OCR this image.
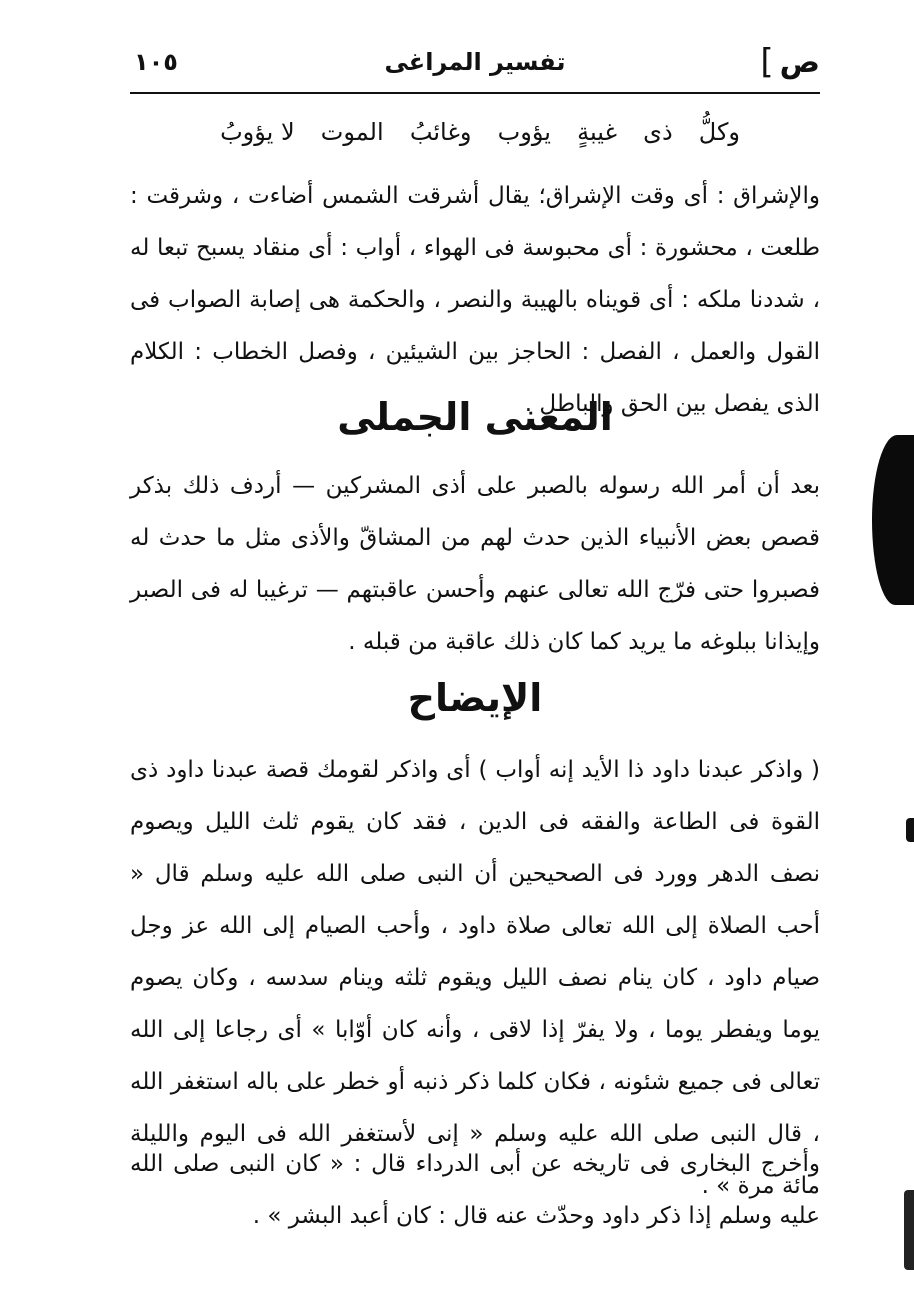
ص
]
تفسير المراغى
١٠٥
وكلُّ
ذى
غيبةٍ
يؤوب
وغائبُ
الموت
لا يؤوبُ

والإشراق : أى وقت الإشراق؛ يقال أشرقت الشمس أضاءت ، وشرقت : طلعت ، محشورة : أى محبوسة فى الهواء ، أواب : أى منقاد يسبح تبعا له ، شددنا ملكه : أى قويناه بالهيبة والنصر ، والحكمة هى إصابة الصواب فى القول والعمل ، الفصل : الحاجز بين الشيئين ، وفصل الخطاب : الكلام الذى يفصل بين الحق والباطل .

المعنى الجملى

بعد أن أمر الله رسوله بالصبر على أذى المشركين — أردف ذلك بذكر قصص بعض الأنبياء الذين حدث لهم من المشاقّ والأذى مثل ما حدث له فصبروا حتى فرّج الله تعالى عنهم وأحسن عاقبتهم — ترغيبا له فى الصبر وإيذانا ببلوغه ما يريد كما كان ذلك عاقبة من قبله .

الإيضاح

( واذكر عبدنا داود ذا الأيد إنه أواب ) أى واذكر لقومك قصة عبدنا داود ذى القوة فى الطاعة والفقه فى الدين ، فقد كان يقوم ثلث الليل ويصوم نصف الدهر وورد فى الصحيحين أن النبى صلى الله عليه وسلم قال « أحب الصلاة إلى الله تعالى صلاة داود ، وأحب الصيام إلى الله عز وجل صيام داود ، كان ينام نصف الليل ويقوم ثلثه وينام سدسه ، وكان يصوم يوما ويفطر يوما ، ولا يفرّ إذا لاقى ، وأنه كان أوّابا » أى رجاعا إلى الله تعالى فى جميع شئونه ، فكان كلما ذكر ذنبه أو خطر على باله استغفر الله ، قال النبى صلى الله عليه وسلم « إنى لأستغفر الله فى اليوم والليلة مائة مرة » .

وأخرج البخارى فى تاريخه عن أبى الدرداء قال : « كان النبى صلى الله عليه وسلم إذا ذكر داود وحدّث عنه قال : كان أعبد البشر » .
